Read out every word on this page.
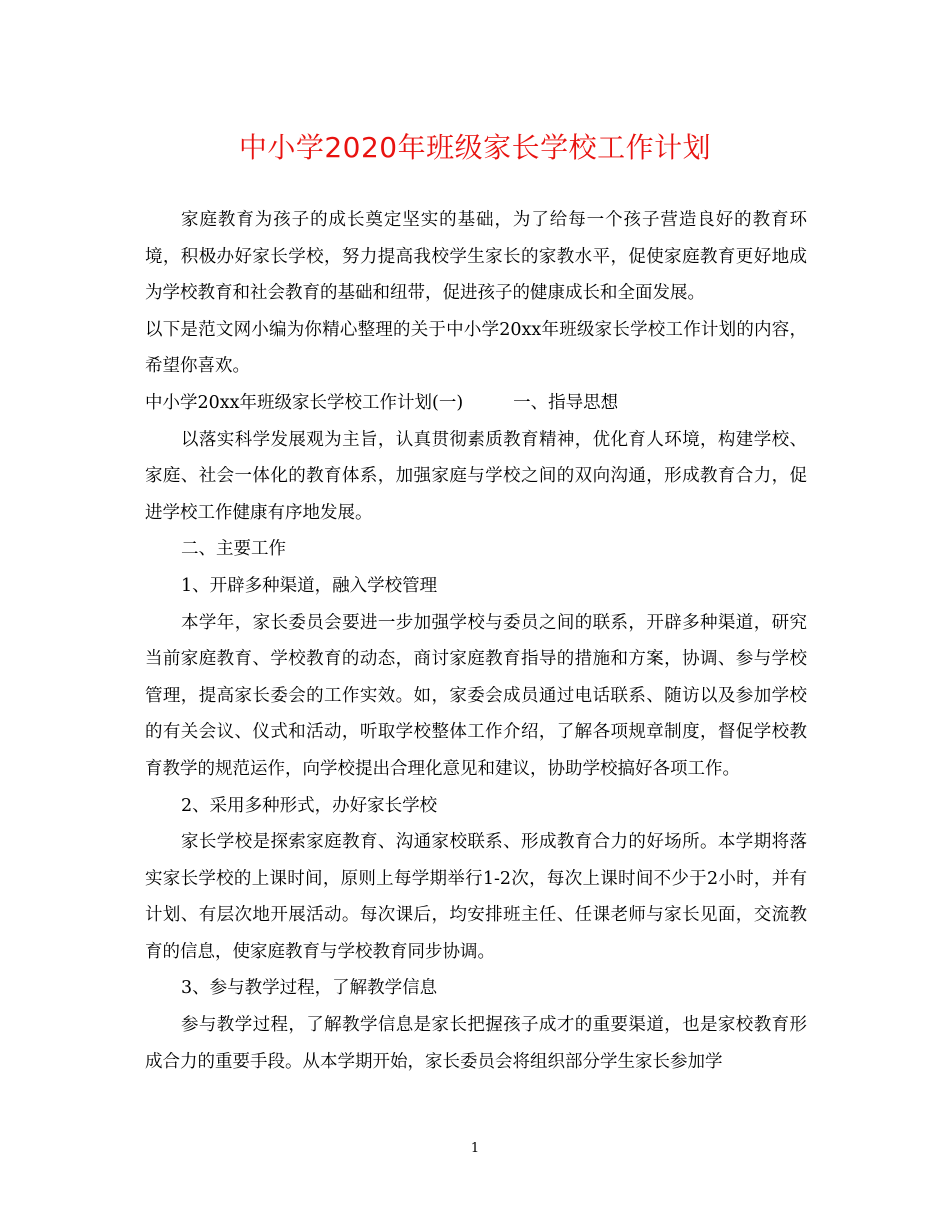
中小学2020年班级家长学校工作计划

家庭教育为孩子的成长奠定坚实的基础，为了给每一个孩子营造良好的教育环境，积极办好家长学校，努力提高我校学生家长的家教水平，促使家庭教育更好地成为学校教育和社会教育的基础和纽带，促进孩子的健康成长和全面发展。

以下是范文网小编为你精心整理的关于中小学20xx年班级家长学校工作计划的内容，希望你喜欢。

中小学20xx年班级家长学校工作计划(一)	一、指导思想

以落实科学发展观为主旨，认真贯彻素质教育精神，优化育人环境，构建学校、家庭、社会一体化的教育体系，加强家庭与学校之间的双向沟通，形成教育合力，促进学校工作健康有序地发展。

二、主要工作

1、开辟多种渠道，融入学校管理

本学年，家长委员会要进一步加强学校与委员之间的联系，开辟多种渠道，研究当前家庭教育、学校教育的动态，商讨家庭教育指导的措施和方案，协调、参与学校管理，提高家长委会的工作实效。如，家委会成员通过电话联系、随访以及参加学校的有关会议、仪式和活动，听取学校整体工作介绍，了解各项规章制度，督促学校教育教学的规范运作，向学校提出合理化意见和建议，协助学校搞好各项工作。

2、采用多种形式，办好家长学校

家长学校是探索家庭教育、沟通家校联系、形成教育合力的好场所。本学期将落实家长学校的上课时间，原则上每学期举行1-2次，每次上课时间不少于2小时，并有计划、有层次地开展活动。每次课后，均安排班主任、任课老师与家长见面，交流教育的信息，使家庭教育与学校教育同步协调。

3、参与教学过程，了解教学信息

参与教学过程，了解教学信息是家长把握孩子成才的重要渠道，也是家校教育形成合力的重要手段。从本学期开始，家长委员会将组织部分学生家长参加学

1
